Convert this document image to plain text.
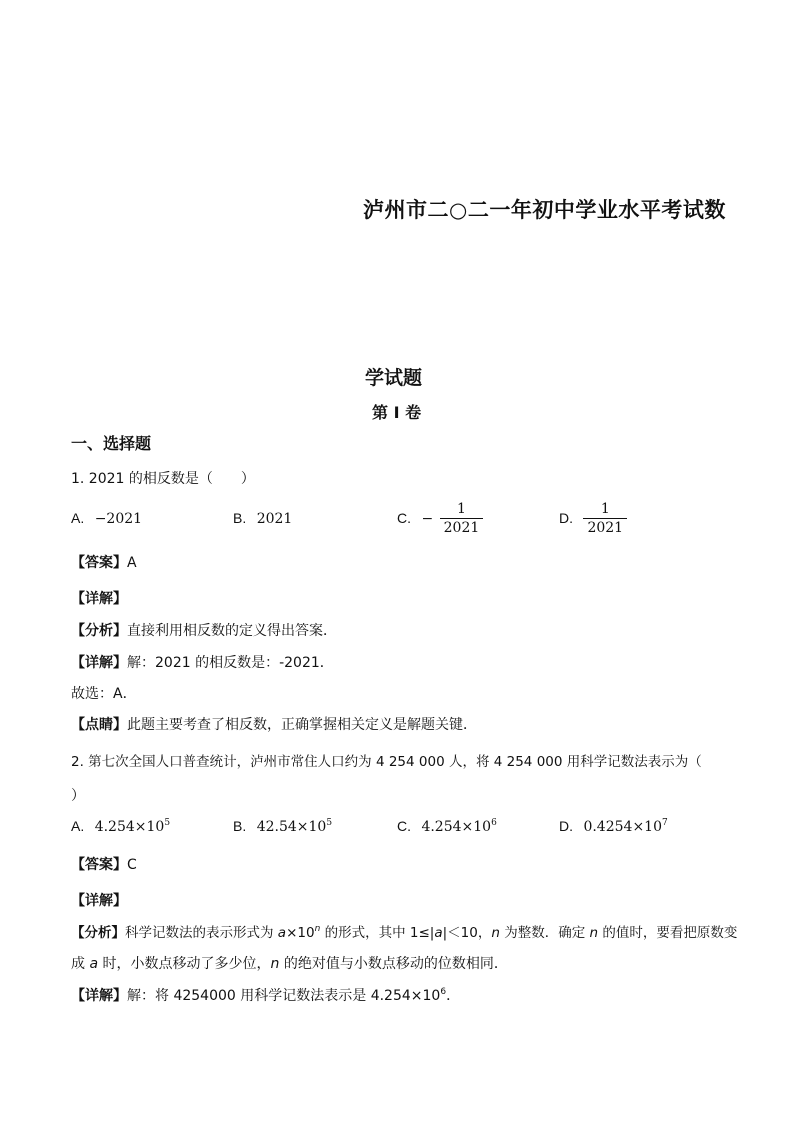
泸州市二○二一年初中学业水平考试数
学试题
第 I 卷
一、选择题
1. 2021 的相反数是（　　）
A. −2021	B. 2021	C. − $\frac{1}{2021}$	D. $\frac{1}{2021}$
【答案】A
【详解】
【分析】直接利用相反数的定义得出答案．
【详解】解：2021 的相反数是：-2021．
故选：A．
【点睛】此题主要考查了相反数，正确掌握相关定义是解题关键．
2. 第七次全国人口普查统计，泸州市常住人口约为 4 254 000 人，将 4 254 000 用科学记数法表示为（
）
A. $4.254\times 10^5$	B. $42.54\times 10^5$	C. $4.254\times 10^6$	D. $0.4254\times 10^7$
【答案】C
【详解】
【分析】科学记数法的表示形式为 $a\times 10^n$ 的形式，其中 1≤|a|＜10，n 为整数．确定 n 的值时，要看把原数变
成 a 时，小数点移动了多少位，n 的绝对值与小数点移动的位数相同．
【详解】解：将 4254000 用科学记数法表示是 $4.254\times 10^6$．
